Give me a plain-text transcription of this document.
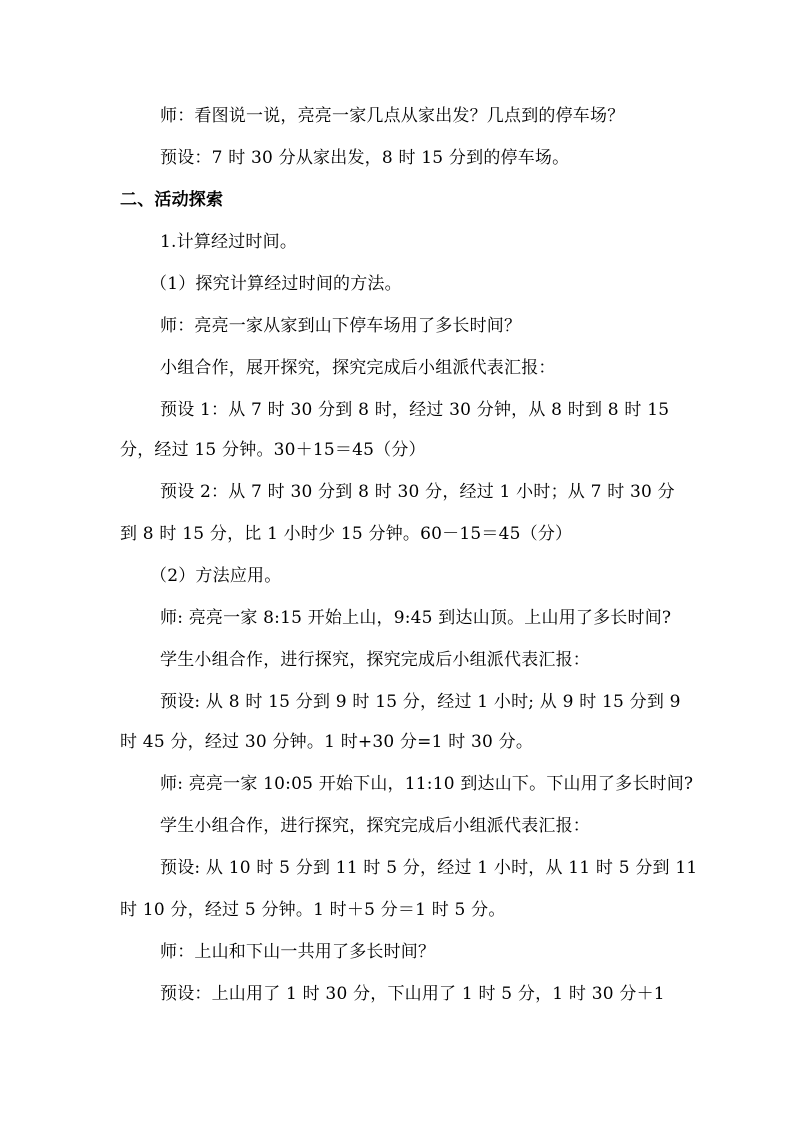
师：看图说一说，亮亮一家几点从家出发？几点到的停车场？
预设：7 时 30 分从家出发，8 时 15 分到的停车场。
二、活动探索
1.计算经过时间。
（1）探究计算经过时间的方法。
师：亮亮一家从家到山下停车场用了多长时间？
小组合作，展开探究，探究完成后小组派代表汇报：
预设 1：从 7 时 30 分到 8 时，经过 30 分钟，从 8 时到 8 时 15
分，经过 15 分钟。30＋15＝45（分）
预设 2：从 7 时 30 分到 8 时 30 分，经过 1 小时；从 7 时 30 分
到 8 时 15 分，比 1 小时少 15 分钟。60－15＝45（分）
（2）方法应用。
师: 亮亮一家 8:15 开始上山，9:45 到达山顶。上山用了多长时间?
学生小组合作，进行探究，探究完成后小组派代表汇报：
预设: 从 8 时 15 分到 9 时 15 分，经过 1 小时; 从 9 时 15 分到 9
时 45 分，经过 30 分钟。1 时+30 分=1 时 30 分。
师: 亮亮一家 10:05 开始下山，11:10 到达山下。下山用了多长时间?
学生小组合作，进行探究，探究完成后小组派代表汇报：
预设: 从 10 时 5 分到 11 时 5 分，经过 1 小时，从 11 时 5 分到 11
时 10 分，经过 5 分钟。1 时＋5 分＝1 时 5 分。
师：上山和下山一共用了多长时间？
预设：上山用了 1 时 30 分，下山用了 1 时 5 分，1 时 30 分＋1
